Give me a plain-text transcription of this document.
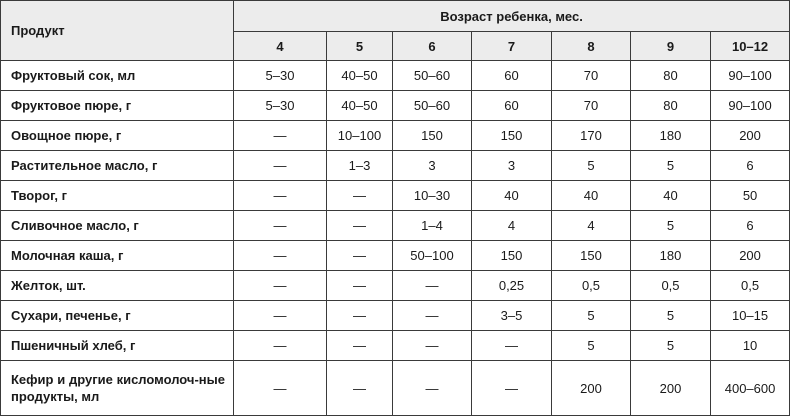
Продукт	Возраст ребенка, мес.						
	4	5	6	7	8	9	10–12
Фруктовый сок, мл	5–30	40–50	50–60	60	70	80	90–100
Фруктовое пюре, г	5–30	40–50	50–60	60	70	80	90–100
Овощное пюре, г	—	10–100	150	150	170	180	200
Растительное масло, г	—	1–3	3	3	5	5	6
Творог, г	—	—	10–30	40	40	40	50
Сливочное масло, г	—	—	1–4	4	4	5	6
Молочная каша, г	—	—	50–100	150	150	180	200
Желток, шт.	—	—	—	0,25	0,5	0,5	0,5
Сухари, печенье, г	—	—	—	3–5	5	5	10–15
Пшеничный хлеб, г	—	—	—	—	5	5	10
Кефир и другие кисломолоч-ные продукты, мл	—	—	—	—	200	200	400–600
